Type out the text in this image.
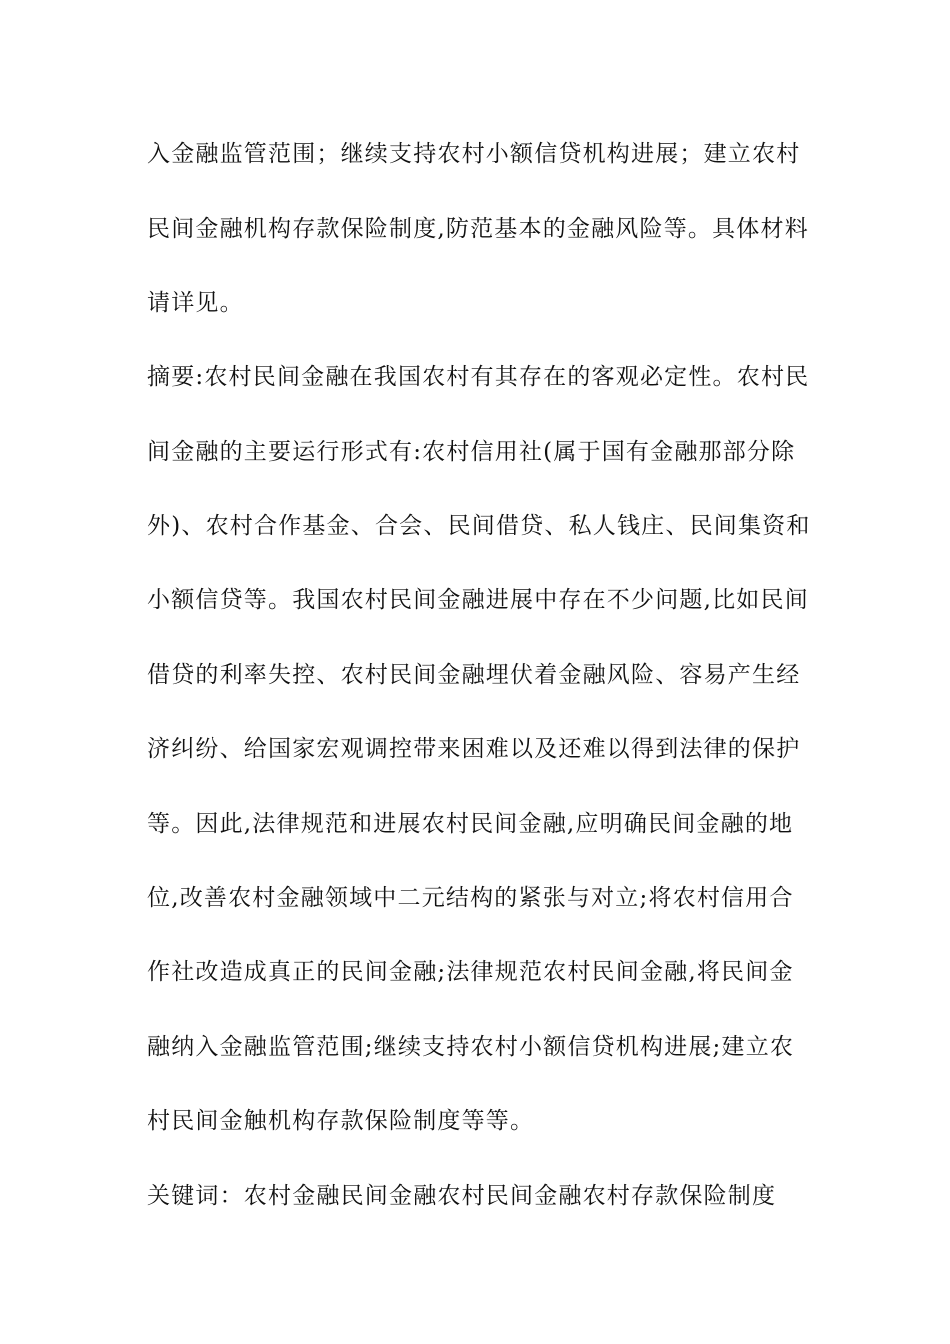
入金融监管范围；继续支持农村小额信贷机构进展；建立农村
民间金融机构存款保险制度,防范基本的金融风险等。具体材料
请详见。
摘要:农村民间金融在我国农村有其存在的客观必定性。农村民
间金融的主要运行形式有:农村信用社(属于国有金融那部分除
外)、农村合作基金、合会、民间借贷、私人钱庄、民间集资和
小额信贷等。我国农村民间金融进展中存在不少问题,比如民间
借贷的利率失控、农村民间金融埋伏着金融风险、容易产生经
济纠纷、给国家宏观调控带来困难以及还难以得到法律的保护
等。因此,法律规范和进展农村民间金融,应明确民间金融的地
位,改善农村金融领域中二元结构的紧张与对立;将农村信用合
作社改造成真正的民间金融;法律规范农村民间金融,将民间金
融纳入金融监管范围;继续支持农村小额信贷机构进展;建立农
村民间金触机构存款保险制度等等。
关键词：农村金融民间金融农村民间金融农村存款保险制度
